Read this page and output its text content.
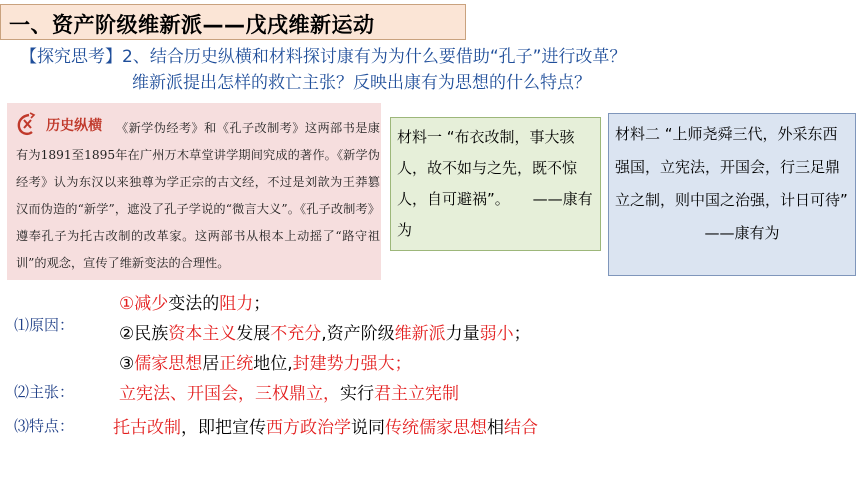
一、资产阶级维新派——戊戌维新运动
【探究思考】2、结合历史纵横和材料探讨康有为为什么要借助“孔子”进行改革？
维新派提出怎样的救亡主张？反映出康有为思想的什么特点？
历史纵横	《新学伪经考》和《孔子改制考》这两部书是康有为1891至1895年在广州万木草堂讲学期间究成的著作。《新学伪经考》认为东汉以来独尊为学正宗的古文经，不过是刘歆为王莽篡汉而伪造的“新学”，遮没了孔子学说的“微言大义”。《孔子改制考》遵奉孔子为托古改制的改革家。这两部书从根本上动摇了“路守祖训”的观念，宣传了维新变法的合理性。
材料一 “布衣改制，事大骇人，故不如与之先，既不惊人，自可避祸”。 ——康有为
材料二 “上师尧舜三代，外采东西强国，立宪法，开国会，行三足鼎立之制，则中国之治强，计日可待”
——康有为
⑴原因：
①减少变法的阻力；
②民族资本主义发展不充分,资产阶级维新派力量弱小；
③儒家思想居正统地位,封建势力强大；
⑵主张：	立宪法、开国会，三权鼎立，实行君主立宪制
⑶特点： 托古改制，即把宣传西方政治学说同传统儒家思想相结合
